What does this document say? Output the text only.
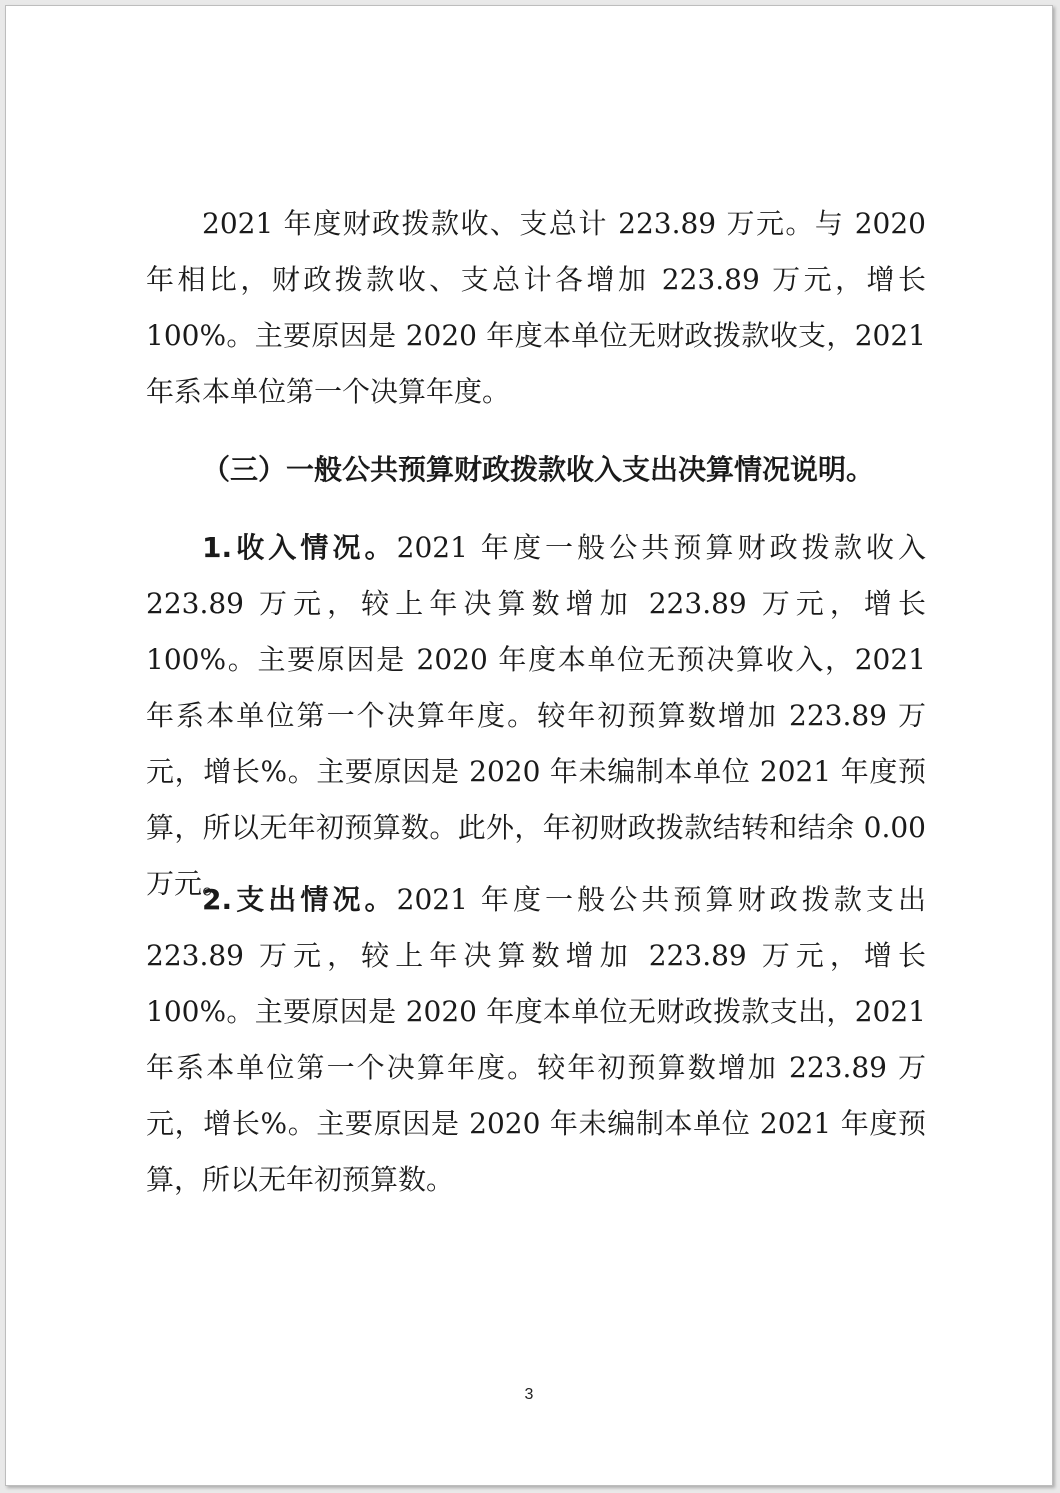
2021 年度财政拨款收、支总计 223.89 万元。与 2020 年相比，财政拨款收、支总计各增加 223.89 万元，增长 100%。主要原因是 2020 年度本单位无财政拨款收支，2021 年系本单位第一个决算年度。

（三）一般公共预算财政拨款收入支出决算情况说明。

1.收入情况。2021 年度一般公共预算财政拨款收入 223.89 万元，较上年决算数增加 223.89 万元，增长 100%。主要原因是 2020 年度本单位无预决算收入，2021 年系本单位第一个决算年度。较年初预算数增加 223.89 万元，增长%。主要原因是 2020 年未编制本单位 2021 年度预算，所以无年初预算数。此外，年初财政拨款结转和结余 0.00 万元。

2.支出情况。2021 年度一般公共预算财政拨款支出 223.89 万元，较上年决算数增加 223.89 万元，增长 100%。主要原因是 2020 年度本单位无财政拨款支出，2021 年系本单位第一个决算年度。较年初预算数增加 223.89 万元，增长%。主要原因是 2020 年未编制本单位 2021 年度预算，所以无年初预算数。

3
